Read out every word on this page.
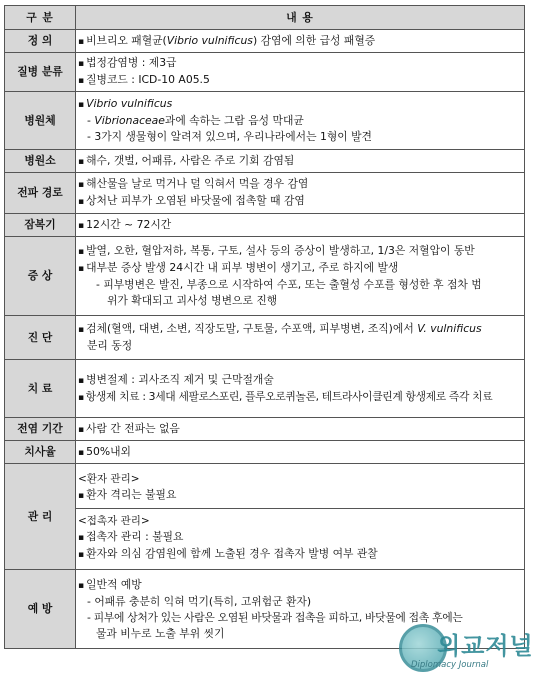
구 분	내 용
정 의	▪ 비브리오 패혈균(Vibrio vulnificus) 감염에 의한 급성 패혈증

질병 분류	▪ 법정감염병 : 제3급
▪ 질병코드 : ICD-10 A05.5

병원체	▪ Vibrio vulnificus
- Vibrionaceae과에 속하는 그람 음성 막대균
- 3가지 생물형이 알려져 있으며, 우리나라에서는 1형이 발견

병원소	▪ 해수, 갯벌, 어패류, 사람은 주로 기회 감염됨

전파 경로	▪ 해산물을 날로 먹거나 덜 익혀서 먹을 경우 감염
▪ 상처난 피부가 오염된 바닷물에 접촉할 때 감염

잠복기	▪ 12시간 ~ 72시간

증 상	▪ 발열, 오한, 혈압저하, 복통, 구토, 설사 등의 증상이 발생하고, 1/3은 저혈압이 동반
▪ 대부분 증상 발생 24시간 내 피부 병변이 생기고, 주로 하지에 발생
- 피부병변은 발진, 부종으로 시작하여 수포, 또는 출혈성 수포를 형성한 후 점차 범
위가 확대되고 괴사성 병변으로 진행

진 단	▪ 검체(혈액, 대변, 소변, 직장도말, 구토물, 수포액, 피부병변, 조직)에서 V. vulnificus
분리 동정

치 료	▪ 병변절제 : 괴사조직 제거 및 근막절개술
▪ 항생제 치료 : 3세대 세팔로스포린, 플루오로퀴놀론, 테트라사이클린계 항생제로 즉각 치료

전염 기간	▪ 사람 간 전파는 없음

치사율	▪ 50%내외

관 리	<환자 관리>
▪ 환자 격리는 불필요
<접촉자 관리>
▪ 접촉자 관리 : 불필요
▪ 환자와 의심 감염원에 함께 노출된 경우 접촉자 발병 여부 관찰

예 방	▪ 일반적 예방
- 어패류 충분히 익혀 먹기(특히, 고위험군 환자)
- 피부에 상처가 있는 사람은 오염된 바닷물과 접촉을 피하고, 바닷물에 접촉 후에는
물과 비누로 노출 부위 씻기	외교저널
Diplomacy Journal
